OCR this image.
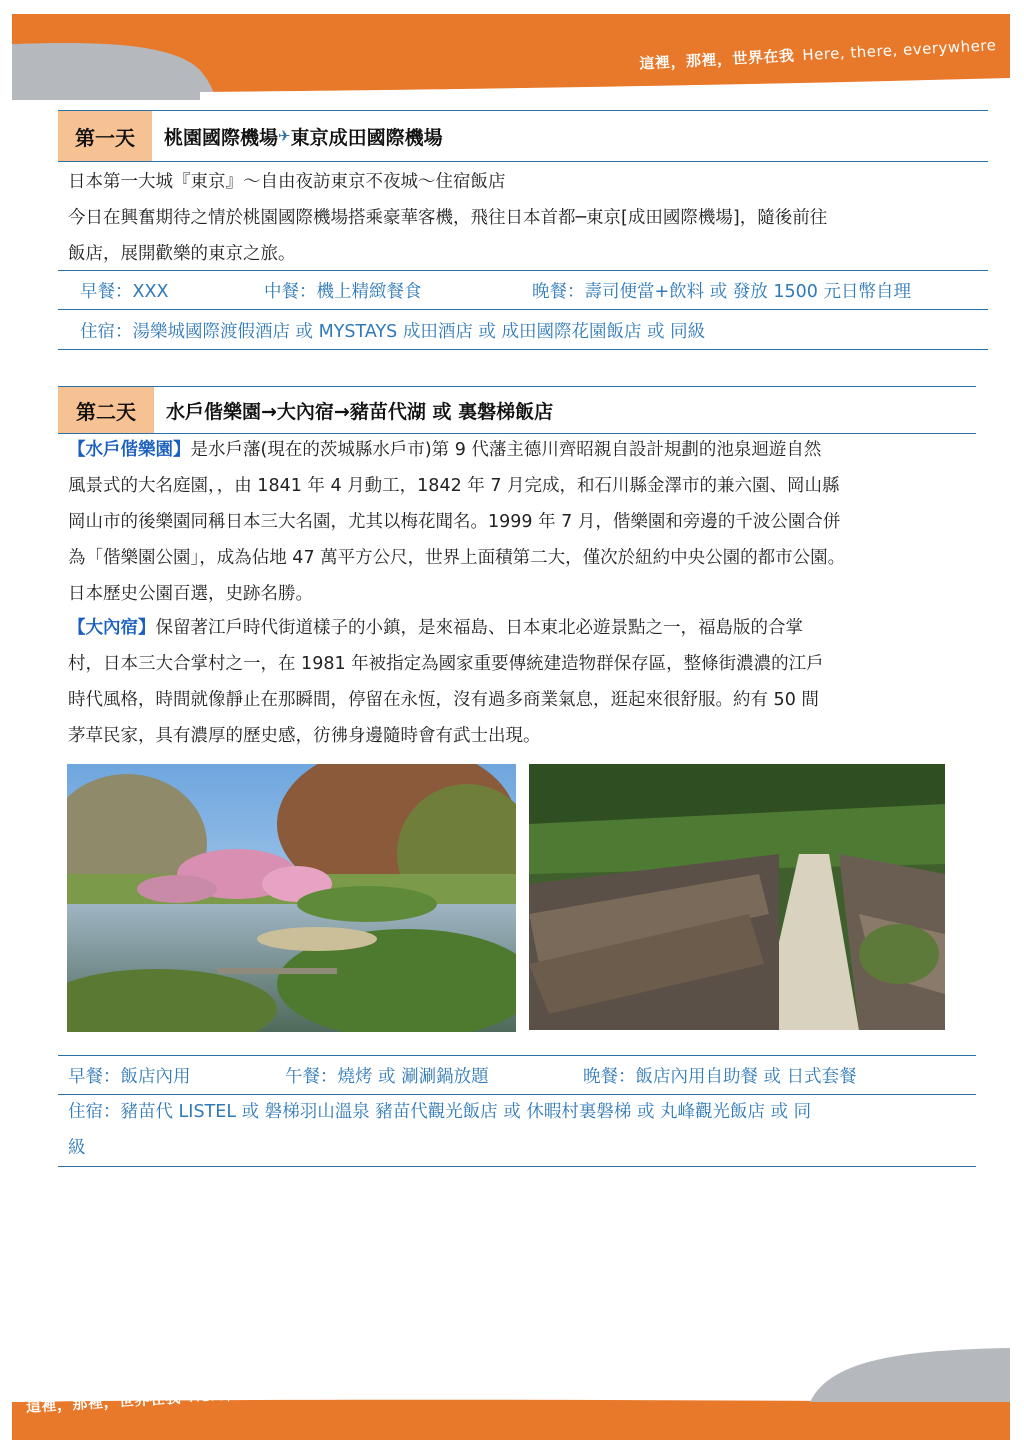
這裡，那裡，世界在我 Here, there, everywhere
第一天	桃園國際機場 ✈ 東京成田國際機場
日本第一大城『東京』～自由夜訪東京不夜城～住宿飯店
今日在興奮期待之情於桃園國際機場搭乘豪華客機，飛往日本首都─東京[成田國際機場]，隨後前往
飯店，展開歡樂的東京之旅。
早餐：XXX	中餐：機上精緻餐食	晚餐：壽司便當+飲料 或 發放 1500 元日幣自理
住宿：湯樂城國際渡假酒店 或 MYSTAYS 成田酒店 或 成田國際花園飯店 或 同級
第二天	水戶偕樂園→大內宿→豬苗代湖 或 裏磐梯飯店
【水戶偕樂園】是水戶藩(現在的茨城縣水戶市)第 9 代藩主德川齊昭親自設計規劃的池泉迴遊自然
風景式的大名庭園，，由 1841 年 4 月動工，1842 年 7 月完成，和石川縣金澤市的兼六園、岡山縣
岡山市的後樂園同稱日本三大名園，尤其以梅花聞名。1999 年 7 月，偕樂園和旁邊的千波公園合併
為「偕樂園公園」，成為佔地 47 萬平方公尺，世界上面積第二大，僅次於紐約中央公園的都市公園。
日本歷史公園百選，史跡名勝。
【大內宿】保留著江戶時代街道樣子的小鎮，是來福島、日本東北必遊景點之一，福島版的合掌
村，日本三大合掌村之一，在 1981 年被指定為國家重要傳統建造物群保存區，整條街濃濃的江戶
時代風格，時間就像靜止在那瞬間，停留在永恆，沒有過多商業氣息，逛起來很舒服。約有 50 間
茅草民家，具有濃厚的歷史感，彷彿身邊隨時會有武士出現。
早餐：飯店內用	午餐：燒烤 或 涮涮鍋放題	晚餐：飯店內用自助餐 或 日式套餐
住宿：豬苗代 LISTEL 或 磐梯羽山溫泉 豬苗代觀光飯店 或 休暇村裏磐梯 或 丸峰觀光飯店 或 同
級
這裡，那裡，世界在我 Here, there, everywhere
